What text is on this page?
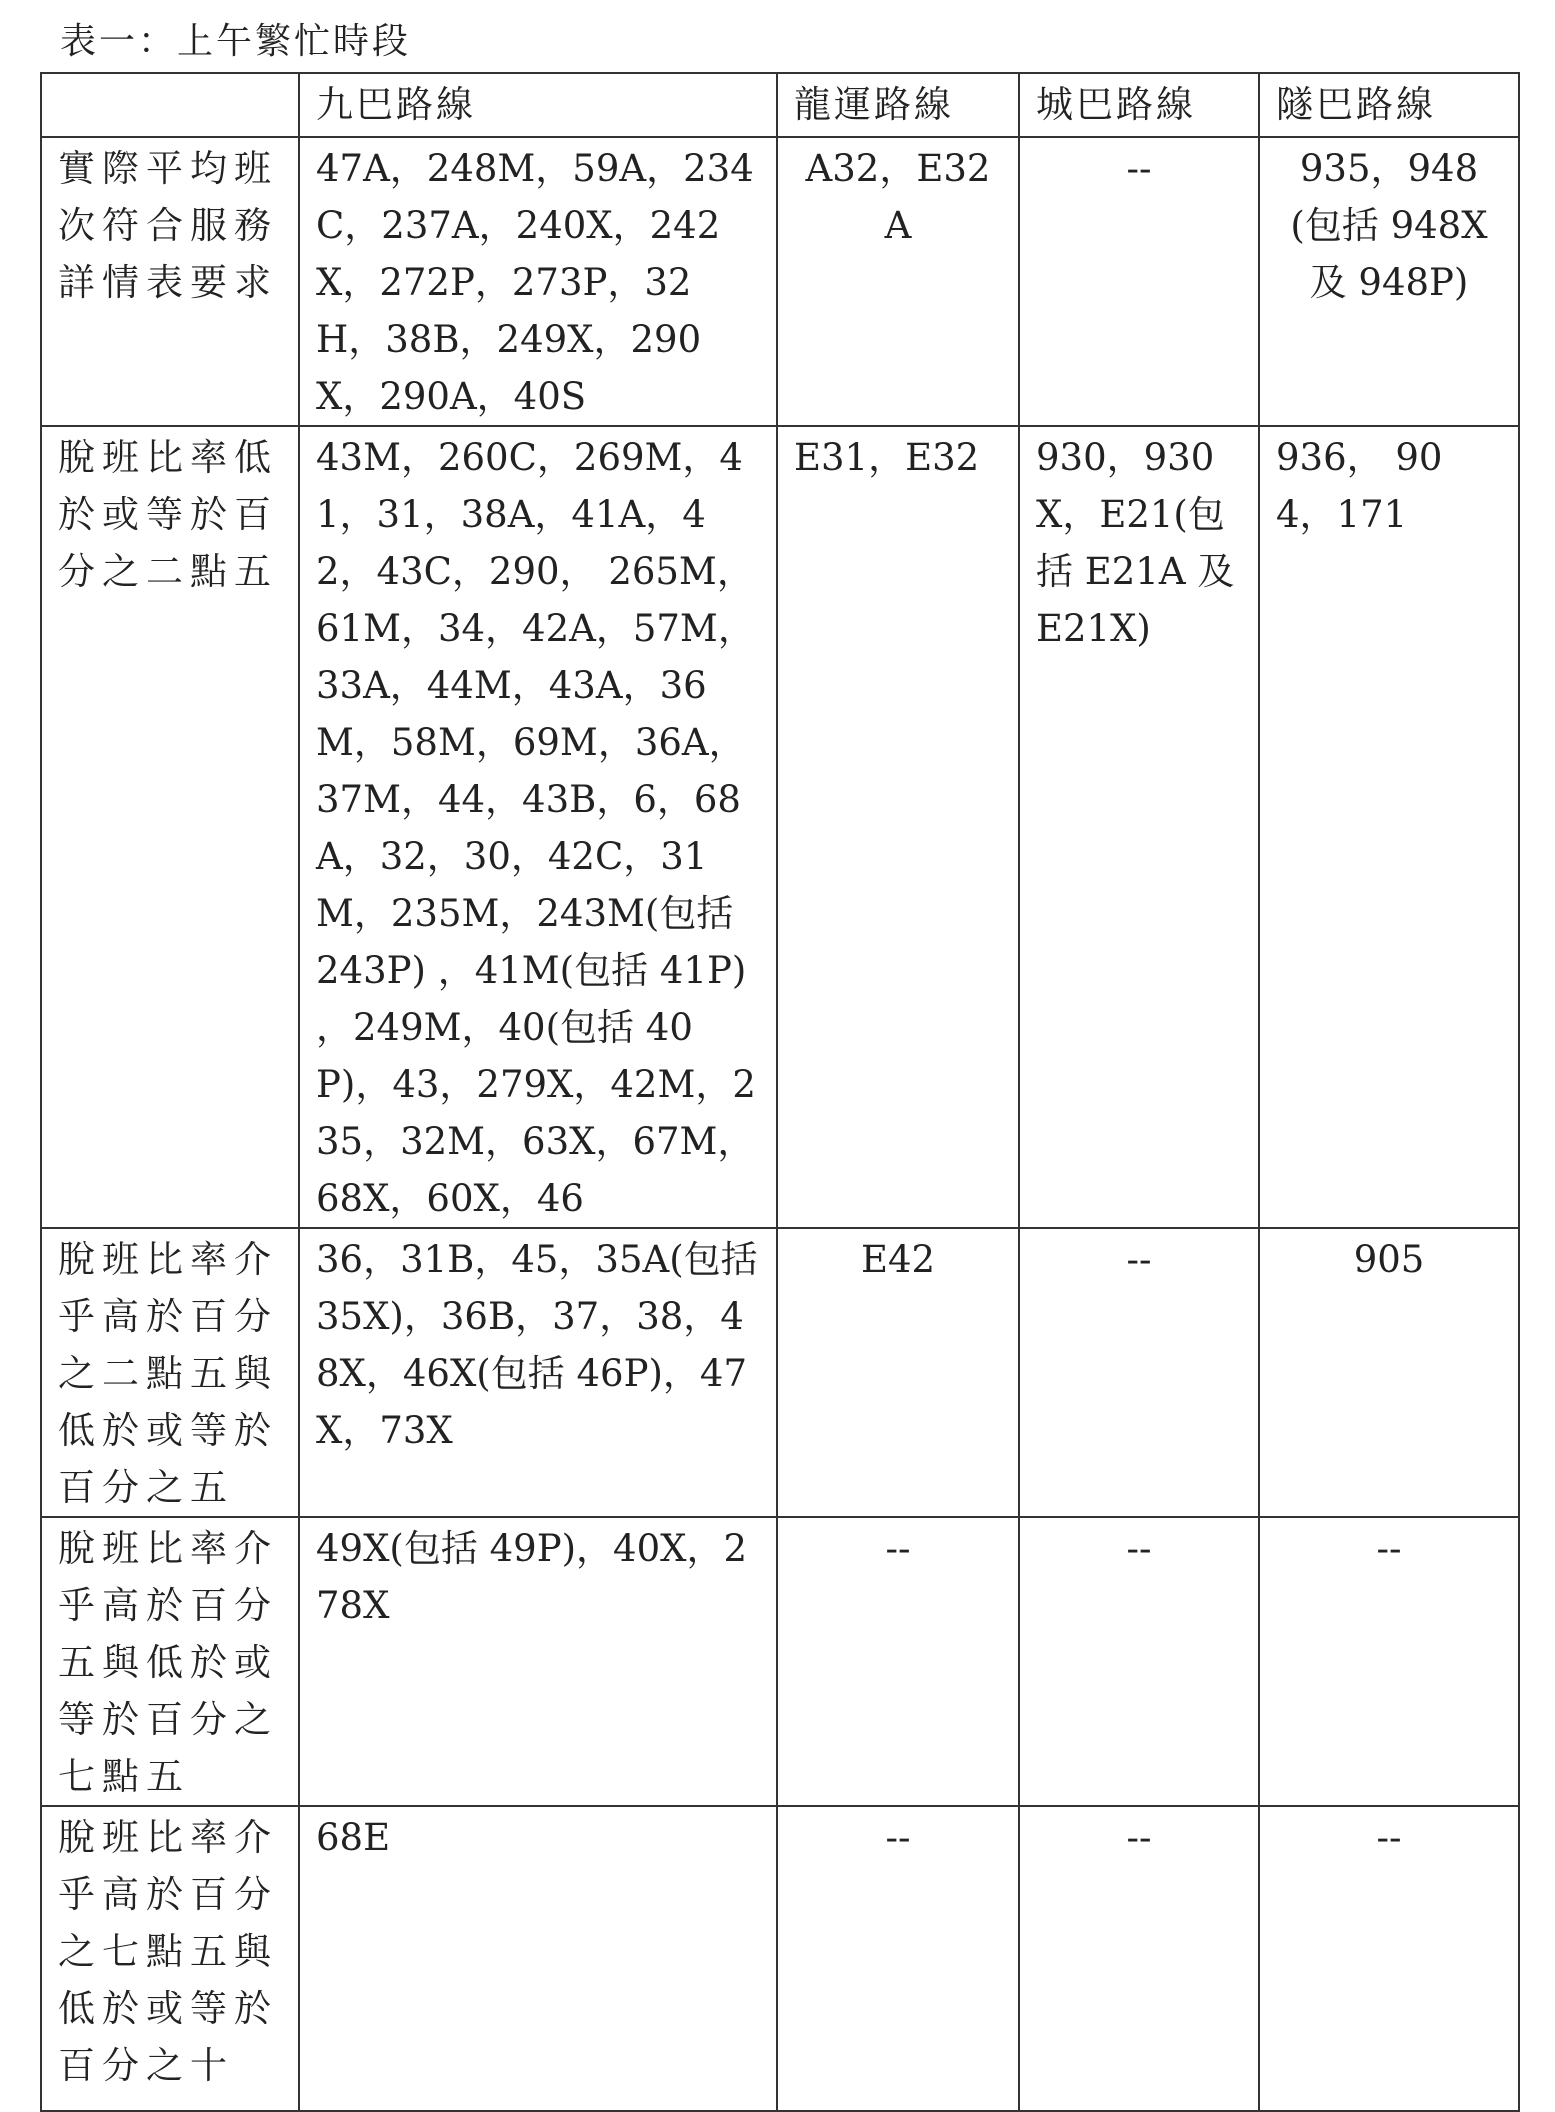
表一：上午繁忙時段
	九巴路線	龍運路線	城巴路線	隧巴路線
實際平均班次符合服務詳情表要求	47A，248M，59A，234C，237A，240X，242X，272P，273P，32H，38B，249X，290X，290A，40S	A32，E32A	--	935，948(包括 948X 及 948P)
脫班比率低於或等於百分之二點五	43M，260C，269M，41，31，38A，41A，42，43C，290， 265M，61M，34，42A，57M，33A，44M，43A，36M，58M，69M，36A，37M，44，43B，6，68A，32，30，42C，31M，235M，243M(包括 243P) ，41M(包括 41P) ，249M，40(包括 40P)，43，279X，42M，235，32M，63X，67M，68X，60X，46	E31，E32	930，930X，E21(包括 E21A 及 E21X)	936， 904，171
脫班比率介乎高於百分之二點五與低於或等於百分之五	36，31B，45，35A(包括 35X)，36B，37，38，48X，46X(包括 46P)，47X，73X	E42	--	905
脫班比率介乎高於百分五與低於或等於百分之七點五	49X(包括 49P)，40X，278X	--	--	--
脫班比率介乎高於百分之七點五與低於或等於百分之十	68E	--	--	--
